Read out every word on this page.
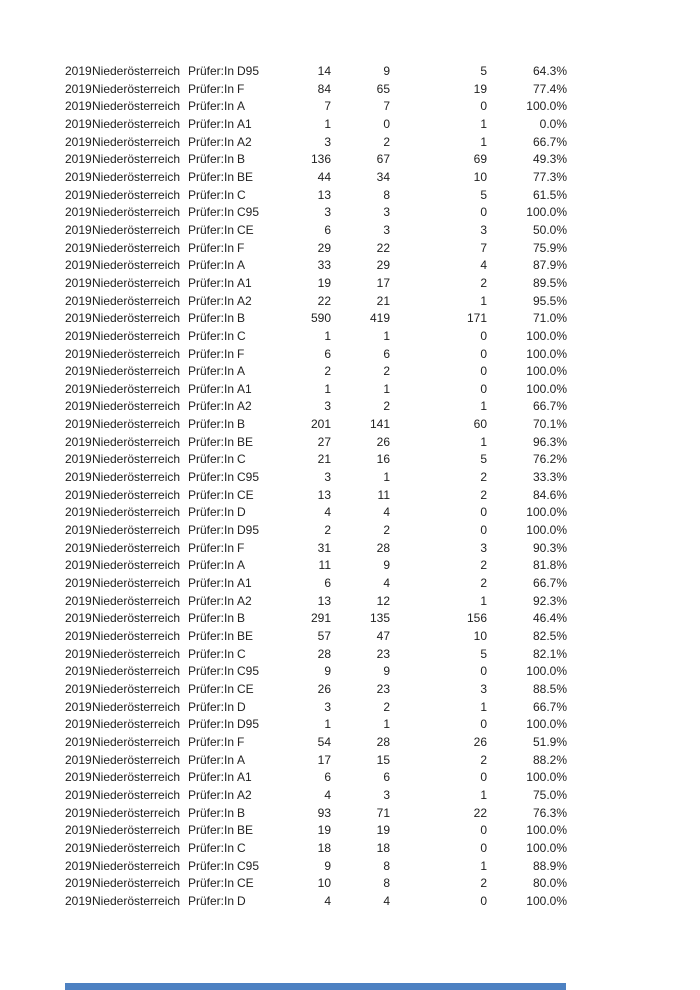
2019	Niederösterreich	Prüfer:In	D95	14	9	5	64.3%
2019	Niederösterreich	Prüfer:In	F	84	65	19	77.4%
2019	Niederösterreich	Prüfer:In	A	7	7	0	100.0%
2019	Niederösterreich	Prüfer:In	A1	1	0	1	0.0%
2019	Niederösterreich	Prüfer:In	A2	3	2	1	66.7%
2019	Niederösterreich	Prüfer:In	B	136	67	69	49.3%
2019	Niederösterreich	Prüfer:In	BE	44	34	10	77.3%
2019	Niederösterreich	Prüfer:In	C	13	8	5	61.5%
2019	Niederösterreich	Prüfer:In	C95	3	3	0	100.0%
2019	Niederösterreich	Prüfer:In	CE	6	3	3	50.0%
2019	Niederösterreich	Prüfer:In	F	29	22	7	75.9%
2019	Niederösterreich	Prüfer:In	A	33	29	4	87.9%
2019	Niederösterreich	Prüfer:In	A1	19	17	2	89.5%
2019	Niederösterreich	Prüfer:In	A2	22	21	1	95.5%
2019	Niederösterreich	Prüfer:In	B	590	419	171	71.0%
2019	Niederösterreich	Prüfer:In	C	1	1	0	100.0%
2019	Niederösterreich	Prüfer:In	F	6	6	0	100.0%
2019	Niederösterreich	Prüfer:In	A	2	2	0	100.0%
2019	Niederösterreich	Prüfer:In	A1	1	1	0	100.0%
2019	Niederösterreich	Prüfer:In	A2	3	2	1	66.7%
2019	Niederösterreich	Prüfer:In	B	201	141	60	70.1%
2019	Niederösterreich	Prüfer:In	BE	27	26	1	96.3%
2019	Niederösterreich	Prüfer:In	C	21	16	5	76.2%
2019	Niederösterreich	Prüfer:In	C95	3	1	2	33.3%
2019	Niederösterreich	Prüfer:In	CE	13	11	2	84.6%
2019	Niederösterreich	Prüfer:In	D	4	4	0	100.0%
2019	Niederösterreich	Prüfer:In	D95	2	2	0	100.0%
2019	Niederösterreich	Prüfer:In	F	31	28	3	90.3%
2019	Niederösterreich	Prüfer:In	A	11	9	2	81.8%
2019	Niederösterreich	Prüfer:In	A1	6	4	2	66.7%
2019	Niederösterreich	Prüfer:In	A2	13	12	1	92.3%
2019	Niederösterreich	Prüfer:In	B	291	135	156	46.4%
2019	Niederösterreich	Prüfer:In	BE	57	47	10	82.5%
2019	Niederösterreich	Prüfer:In	C	28	23	5	82.1%
2019	Niederösterreich	Prüfer:In	C95	9	9	0	100.0%
2019	Niederösterreich	Prüfer:In	CE	26	23	3	88.5%
2019	Niederösterreich	Prüfer:In	D	3	2	1	66.7%
2019	Niederösterreich	Prüfer:In	D95	1	1	0	100.0%
2019	Niederösterreich	Prüfer:In	F	54	28	26	51.9%
2019	Niederösterreich	Prüfer:In	A	17	15	2	88.2%
2019	Niederösterreich	Prüfer:In	A1	6	6	0	100.0%
2019	Niederösterreich	Prüfer:In	A2	4	3	1	75.0%
2019	Niederösterreich	Prüfer:In	B	93	71	22	76.3%
2019	Niederösterreich	Prüfer:In	BE	19	19	0	100.0%
2019	Niederösterreich	Prüfer:In	C	18	18	0	100.0%
2019	Niederösterreich	Prüfer:In	C95	9	8	1	88.9%
2019	Niederösterreich	Prüfer:In	CE	10	8	2	80.0%
2019	Niederösterreich	Prüfer:In	D	4	4	0	100.0%
